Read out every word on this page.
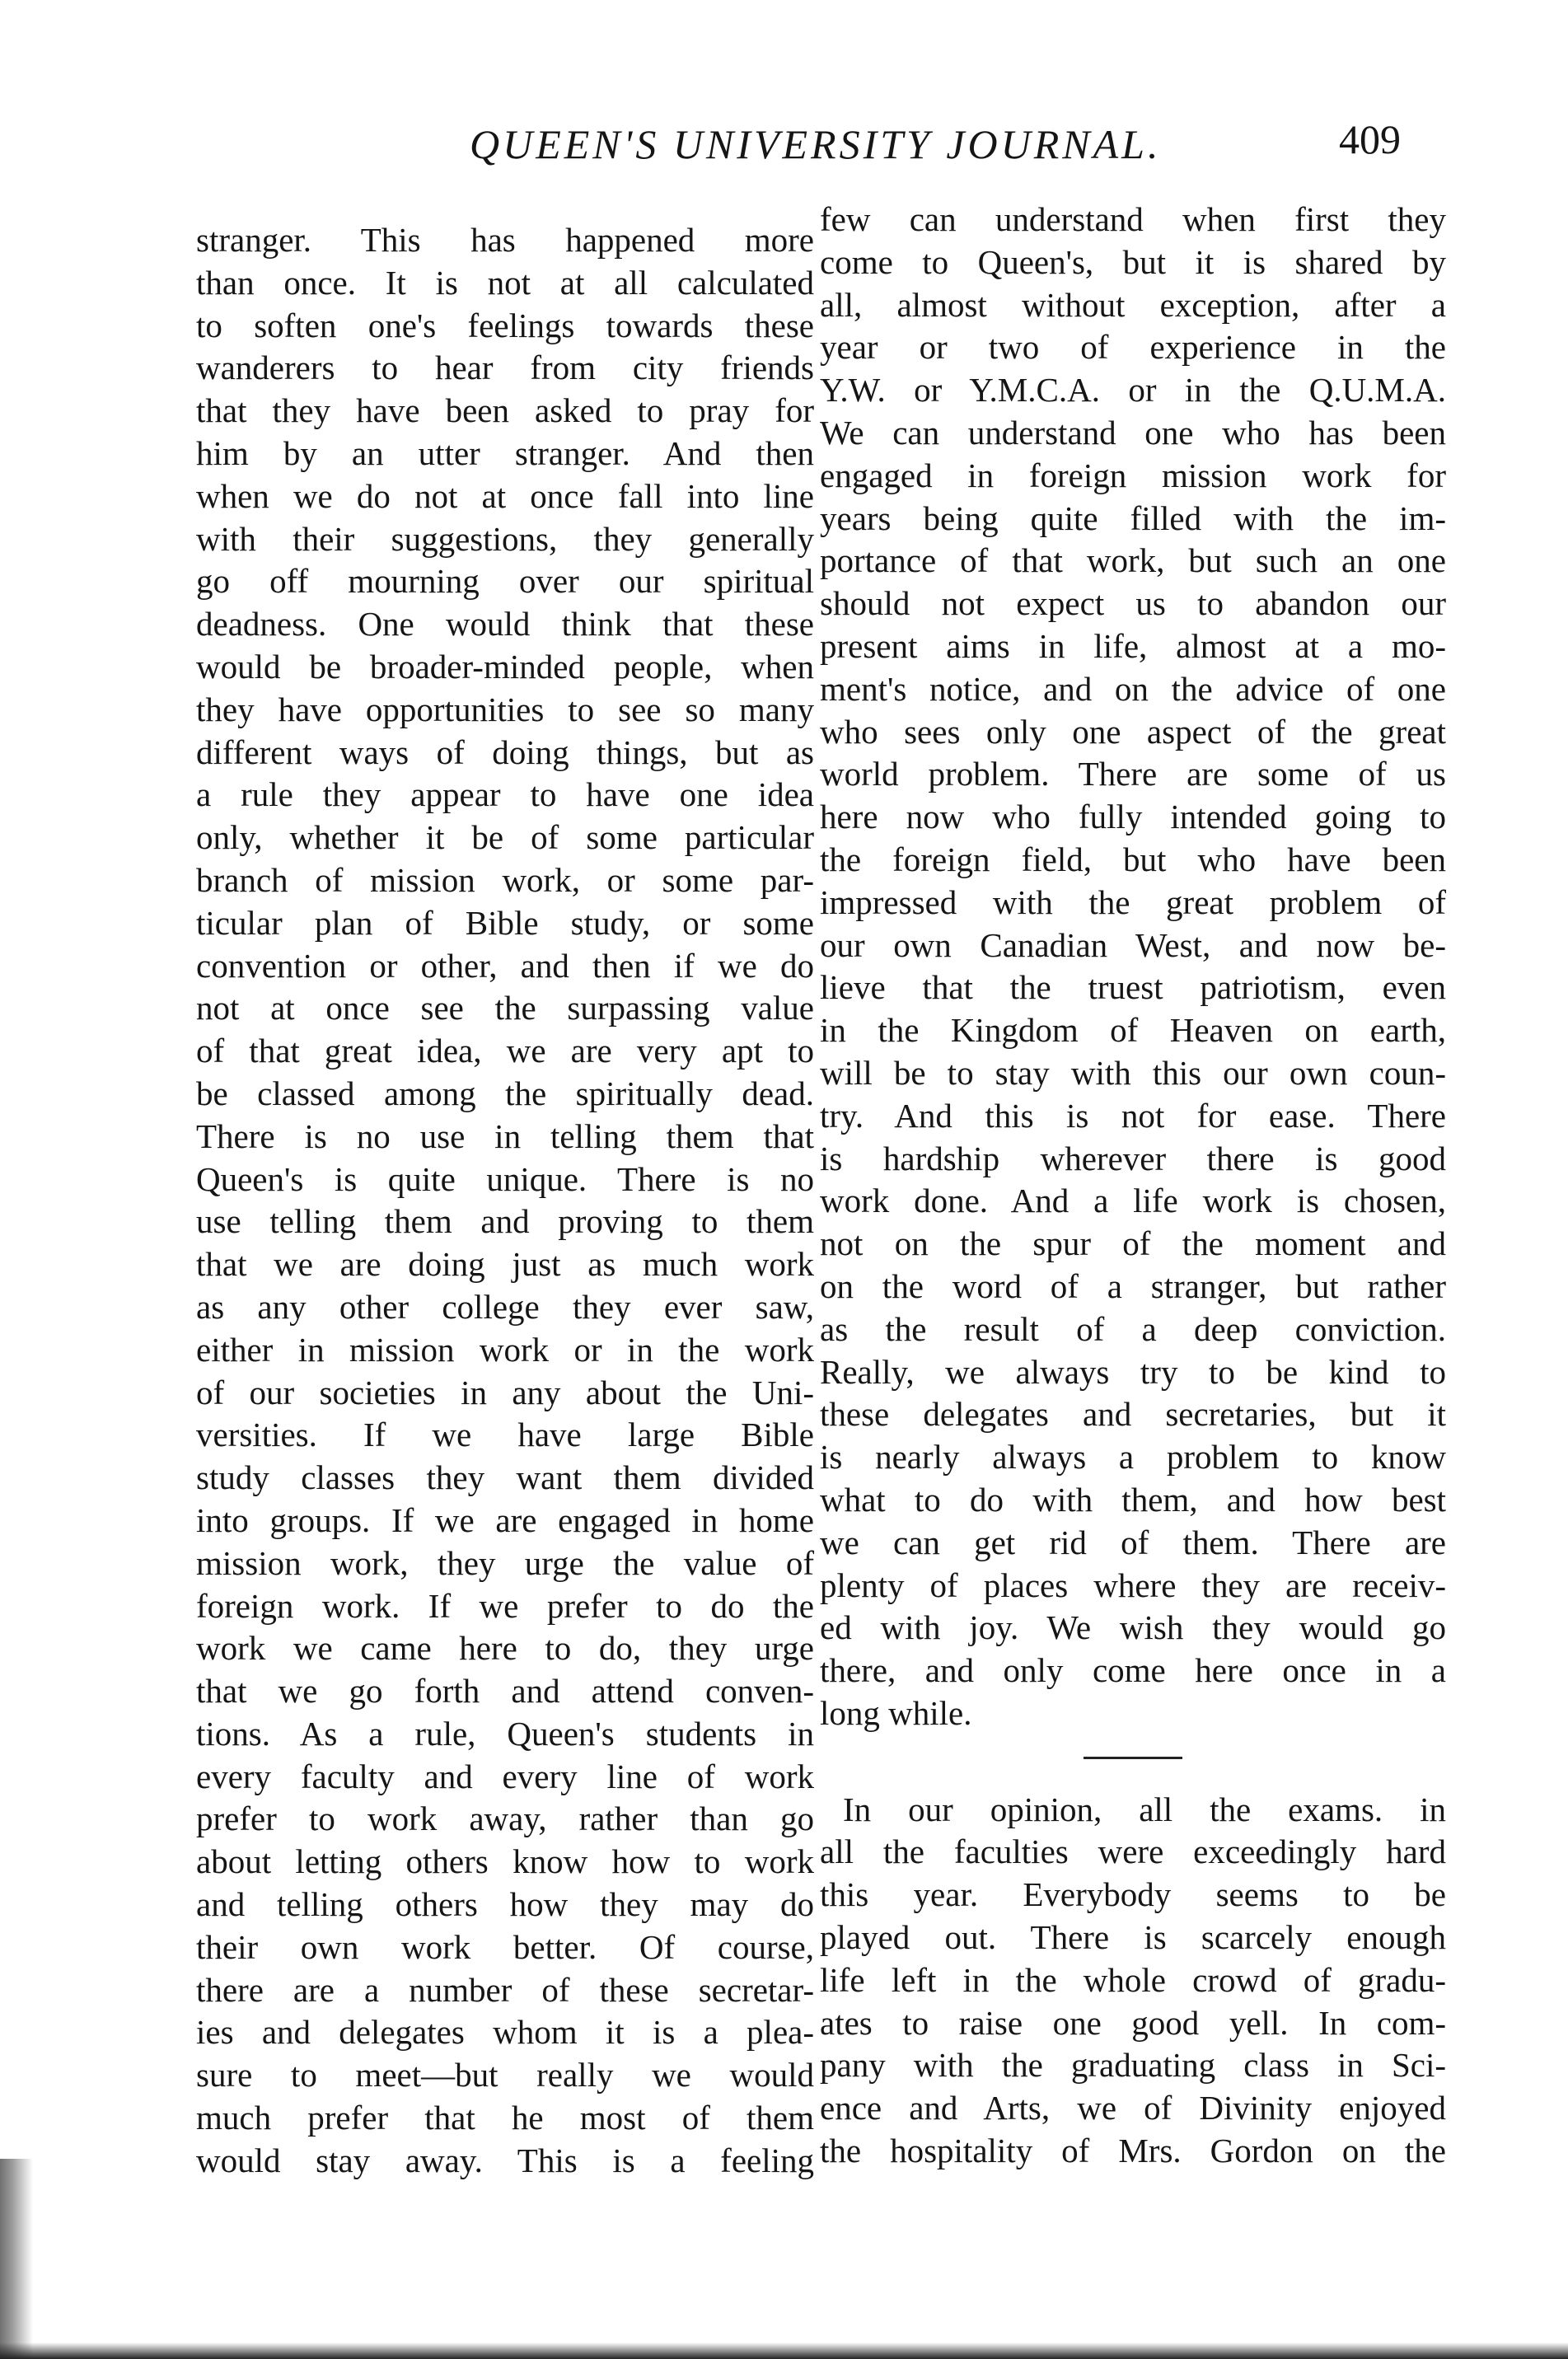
QUEEN'S UNIVERSITY JOURNAL.	409
stranger. This has happened more
than once. It is not at all calculated
to soften one's feelings towards these
wanderers to hear from city friends
that they have been asked to pray for
him by an utter stranger. And then
when we do not at once fall into line
with their suggestions, they generally
go off mourning over our spiritual
deadness. One would think that these
would be broader-minded people, when
they have opportunities to see so many
different ways of doing things, but as
a rule they appear to have one idea
only, whether it be of some particular
branch of mission work, or some par-
ticular plan of Bible study, or some
convention or other, and then if we do
not at once see the surpassing value
of that great idea, we are very apt to
be classed among the spiritually dead.
There is no use in telling them that
Queen's is quite unique. There is no
use telling them and proving to them
that we are doing just as much work
as any other college they ever saw,
either in mission work or in the work
of our societies in any about the Uni-
versities. If we have large Bible
study classes they want them divided
into groups. If we are engaged in home
mission work, they urge the value of
foreign work. If we prefer to do the
work we came here to do, they urge
that we go forth and attend conven-
tions. As a rule, Queen's students in
every faculty and every line of work
prefer to work away, rather than go
about letting others know how to work
and telling others how they may do
their own work better. Of course,
there are a number of these secretar-
ies and delegates whom it is a plea-
sure to meet—but really we would
much prefer that he most of them
would stay away. This is a feeling
few can understand when first they
come to Queen's, but it is shared by
all, almost without exception, after a
year or two of experience in the
Y.W. or Y.M.C.A. or in the Q.U.M.A.
We can understand one who has been
engaged in foreign mission work for
years being quite filled with the im-
portance of that work, but such an one
should not expect us to abandon our
present aims in life, almost at a mo-
ment's notice, and on the advice of one
who sees only one aspect of the great
world problem. There are some of us
here now who fully intended going to
the foreign field, but who have been
impressed with the great problem of
our own Canadian West, and now be-
lieve that the truest patriotism, even
in the Kingdom of Heaven on earth,
will be to stay with this our own coun-
try. And this is not for ease. There
is hardship wherever there is good
work done. And a life work is chosen,
not on the spur of the moment and
on the word of a stranger, but rather
as the result of a deep conviction.
Really, we always try to be kind to
these delegates and secretaries, but it
is nearly always a problem to know
what to do with them, and how best
we can get rid of them. There are
plenty of places where they are receiv-
ed with joy. We wish they would go
there, and only come here once in a
long while.
In our opinion, all the exams. in
all the faculties were exceedingly hard
this year. Everybody seems to be
played out. There is scarcely enough
life left in the whole crowd of gradu-
ates to raise one good yell. In com-
pany with the graduating class in Sci-
ence and Arts, we of Divinity enjoyed
the hospitality of Mrs. Gordon on the
